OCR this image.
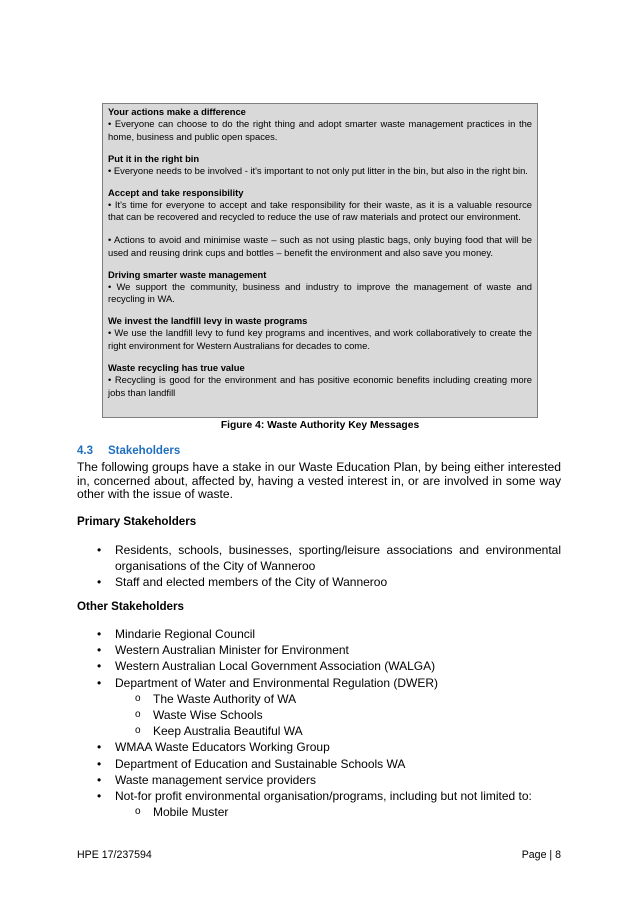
Your actions make a difference

• Everyone can choose to do the right thing and adopt smarter waste management practices in the home, business and public open spaces.

Put it in the right bin

• Everyone needs to be involved - it's important to not only put litter in the bin, but also in the right bin.

Accept and take responsibility

• It's time for everyone to accept and take responsibility for their waste, as it is a valuable resource that can be recovered and recycled to reduce the use of raw materials and protect our environment.

• Actions to avoid and minimise waste – such as not using plastic bags, only buying food that will be used and reusing drink cups and bottles – benefit the environment and also save you money.

Driving smarter waste management

• We support the community, business and industry to improve the management of waste and recycling in WA.

We invest the landfill levy in waste programs

• We use the landfill levy to fund key programs and incentives, and work collaboratively to create the right environment for Western Australians for decades to come.

Waste recycling has true value

• Recycling is good for the environment and has positive economic benefits including creating more jobs than landfill

Figure 4: Waste Authority Key Messages
4.3 Stakeholders

The following groups have a stake in our Waste Education Plan, by being either interested in, concerned about, affected by, having a vested interest in, or are involved in some way other with the issue of waste.

Primary Stakeholders
• Residents, schools, businesses, sporting/leisure associations and environmental organisations of the City of Wanneroo
• Staff and elected members of the City of Wanneroo
Other Stakeholders
• Mindarie Regional Council
• Western Australian Minister for Environment
• Western Australian Local Government Association (WALGA)
• Department of Water and Environmental Regulation (DWER)
o The Waste Authority of WA
o Waste Wise Schools
o Keep Australia Beautiful WA
• WMAA Waste Educators Working Group
• Department of Education and Sustainable Schools WA
• Waste management service providers
• Not-for profit environmental organisation/programs, including but not limited to:
o Mobile Muster
HPE 17/237594	Page | 8
